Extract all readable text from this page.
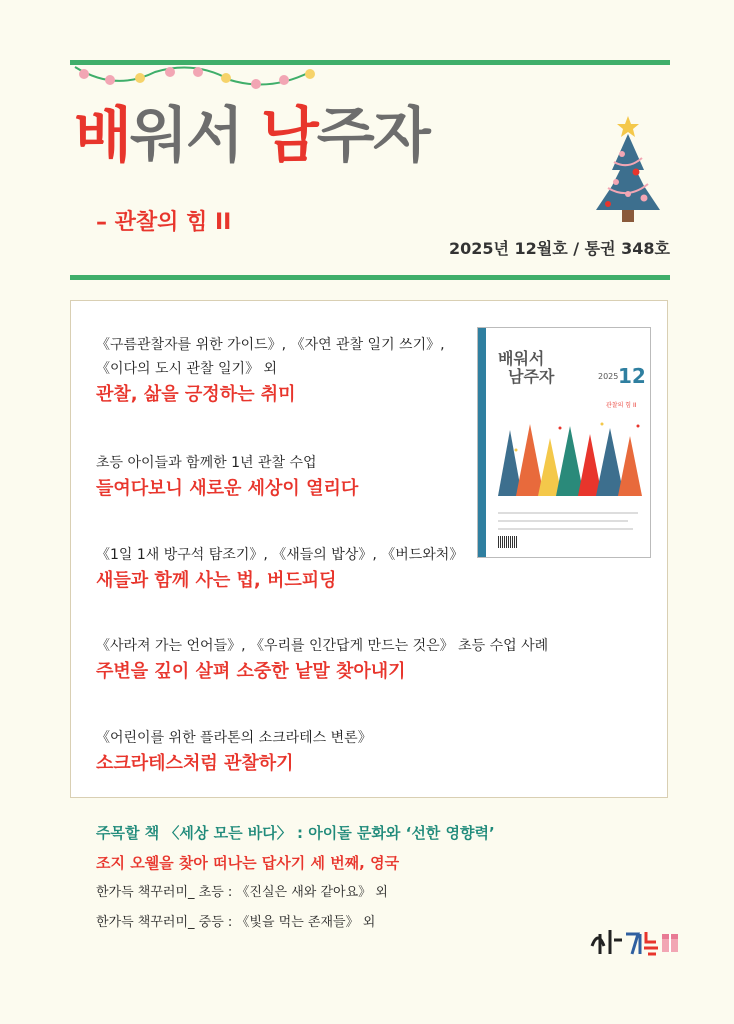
배워서 남주자
– 관찰의 힘 II
2025년 12월호 / 통권 348호
《구름관찰자를 위한 가이드》, 《자연 관찰 일기 쓰기》,
《이다의 도시 관찰 일기》 외
관찰, 삶을 긍정하는 취미
초등 아이들과 함께한 1년 관찰 수업
들여다보니 새로운 세상이 열리다
《1일 1새 방구석 탐조기》, 《새들의 밥상》, 《버드와처》
새들과 함께 사는 법, 버드피딩
《사라져 가는 언어들》, 《우리를 인간답게 만드는 것은》 초등 수업 사례
주변을 깊이 살펴 소중한 낱말 찾아내기
《어린이를 위한 플라톤의 소크라테스 변론》
소크라테스처럼 관찰하기
배워서
남주자	2025 12
관찰의 힘 II
주목할 책 〈세상 모든 바다〉 : 아이돌 문화와 ‘선한 영향력’
조지 오웰을 찾아 떠나는 답사기 세 번째, 영국
한가득 책꾸러미_ 초등 : 《진실은 새와 같아요》 외
한가득 책꾸러미_ 중등 : 《빛을 먹는 존재들》 외
